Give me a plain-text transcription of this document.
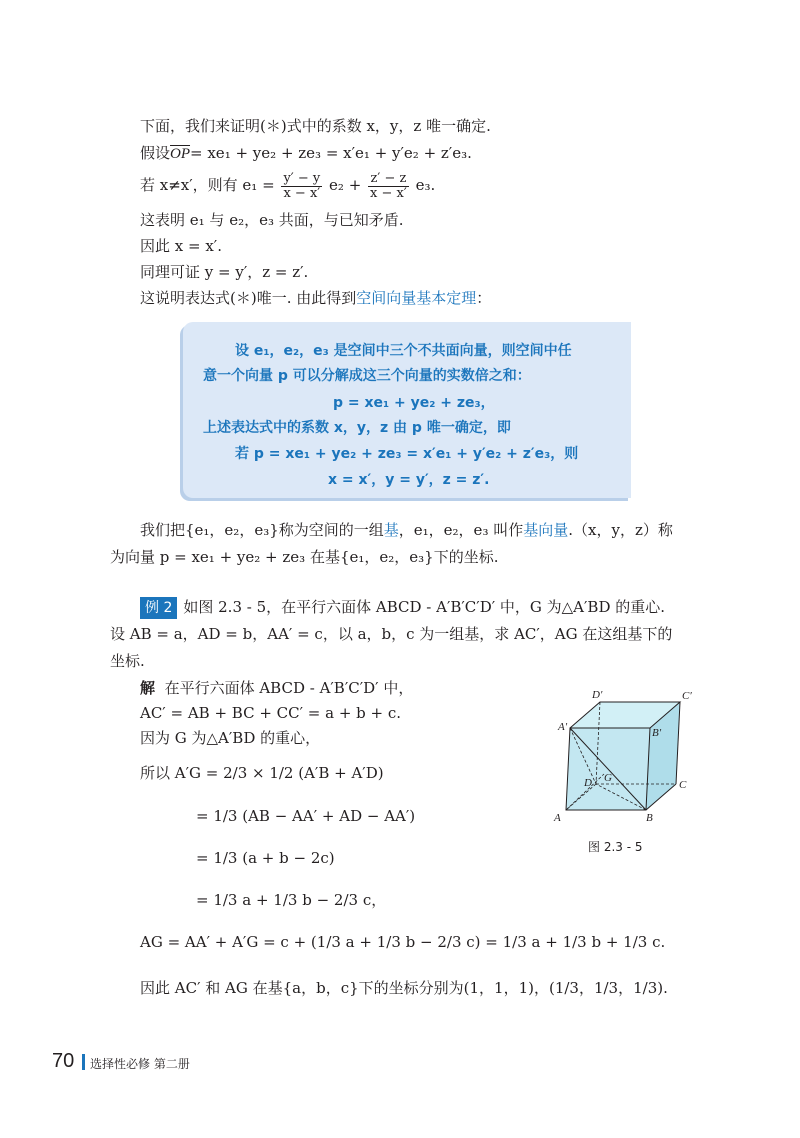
下面，我们来证明(＊)式中的系数 x，y，z 唯一确定.
假设$\overline{OP}= xe_1 + ye_2 + ze_3 = x'e_1 + y'e_2 + z'e_3$.
若 x≠x′，则有 $e_1 = \frac{y' - y}{x - x'} e_2 + \frac{z' - z}{x - x'} e_3$.
这表明 e₁ 与 e₂，e₃ 共面，与已知矛盾.
因此 x = x′.
同理可证 y = y′，z = z′.
这说明表达式(＊)唯一. 由此得到空间向量基本定理：
设 e₁，e₂，e₃ 是空间中三个不共面向量，则空间中任
意一个向量 p 可以分解成这三个向量的实数倍之和：
p = xe₁ + ye₂ + ze₃，
上述表达式中的系数 x，y，z 由 p 唯一确定，即
若 p = xe₁ + ye₂ + ze₃ = x′e₁ + y′e₂ + z′e₃，则
x = x′，y = y′，z = z′.
我们把{e₁，e₂，e₃}称为空间的一组基，e₁，e₂，e₃ 叫作基向量.（x，y，z）称
为向量 p = xe₁ + ye₂ + ze₃ 在基{e₁，e₂，e₃}下的坐标.
例 2 如图 2.3 - 5，在平行六面体 ABCD - A′B′C′D′ 中，G 为△A′BD 的重心.
设 AB = a，AD = b，AA′ = c，以 a，b，c 为一组基，求 AC′，AG 在这组基下的
坐标.
解 在平行六面体 ABCD - A′B′C′D′ 中，
AC′ = AB + BC + CC′ = a + b + c.
因为 G 为△A′BD 的重心，
所以 A′G = 2/3 × 1/2 (A′B + A′D)
= 1/3 (AB − AA′ + AD − AA′)
= 1/3 (a + b − 2c)
= 1/3 a + 1/3 b − 2/3 c，
AG = AA′ + A′G = c + (1/3 a + 1/3 b − 2/3 c) = 1/3 a + 1/3 b + 1/3 c.
因此 AC′ 和 AG 在基{a，b，c}下的坐标分别为(1，1，1)，(1/3，1/3，1/3).
D′	C′
A′	B′
D G
C
A	B
图 2.3 - 5
70 选择性必修 第二册
